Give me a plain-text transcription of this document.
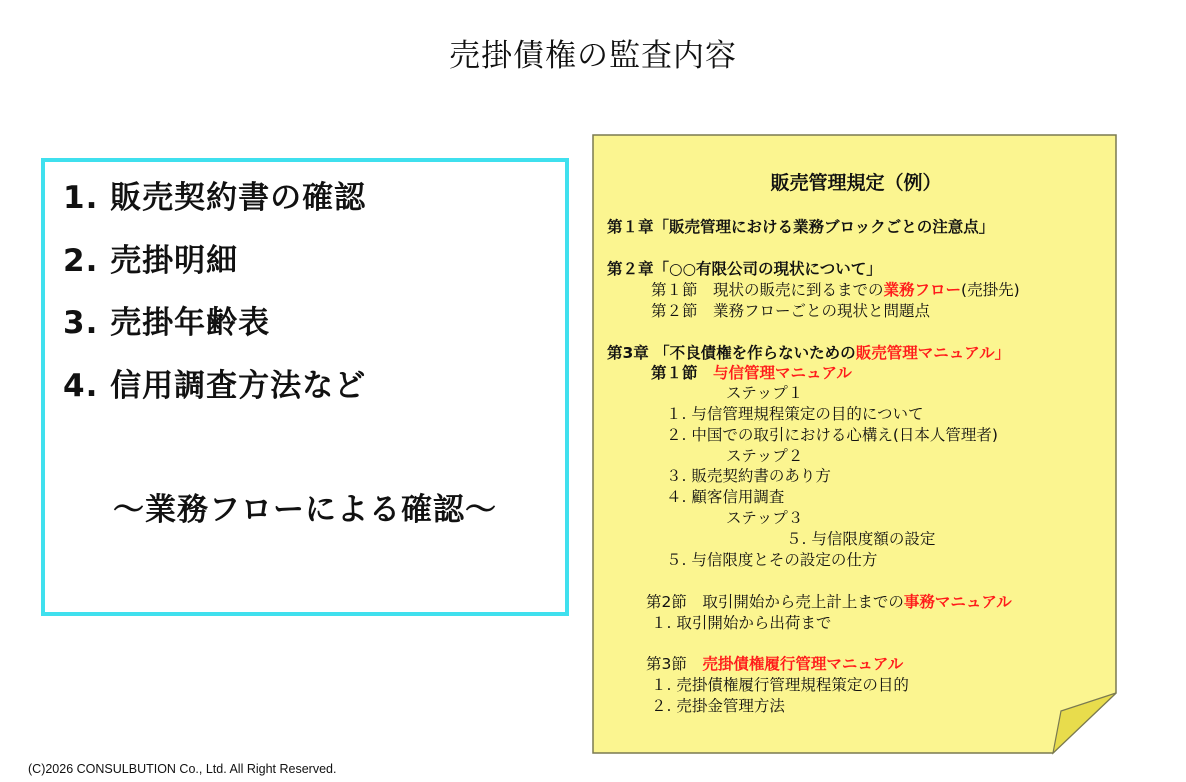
売掛債権の監査内容
1. 販売契約書の確認
2. 売掛明細
3. 売掛年齢表
4. 信用調査方法など
～業務フローによる確認～
販売管理規定（例）
第１章「販売管理における業務ブロックごとの注意点」
第２章「○○有限公司の現状について」
第１節　現状の販売に到るまでの業務フロー(売掛先)
第２節　業務フローごとの現状と問題点
第3章 「不良債権を作らないための販売管理マニュアル」
第１節　与信管理マニュアル
ステップ１
１. 与信管理規程策定の目的について
２. 中国での取引における心構え(日本人管理者)
ステップ２
３. 販売契約書のあり方
４. 顧客信用調査
ステップ３
５. 与信限度額の設定
５. 与信限度とその設定の仕方
第2節　取引開始から売上計上までの事務マニュアル
１. 取引開始から出荷まで
第3節　売掛債権履行管理マニュアル
１. 売掛債権履行管理規程策定の目的
２. 売掛金管理方法
(C)2026 CONSULBUTION Co., Ltd. All Right Reserved.
